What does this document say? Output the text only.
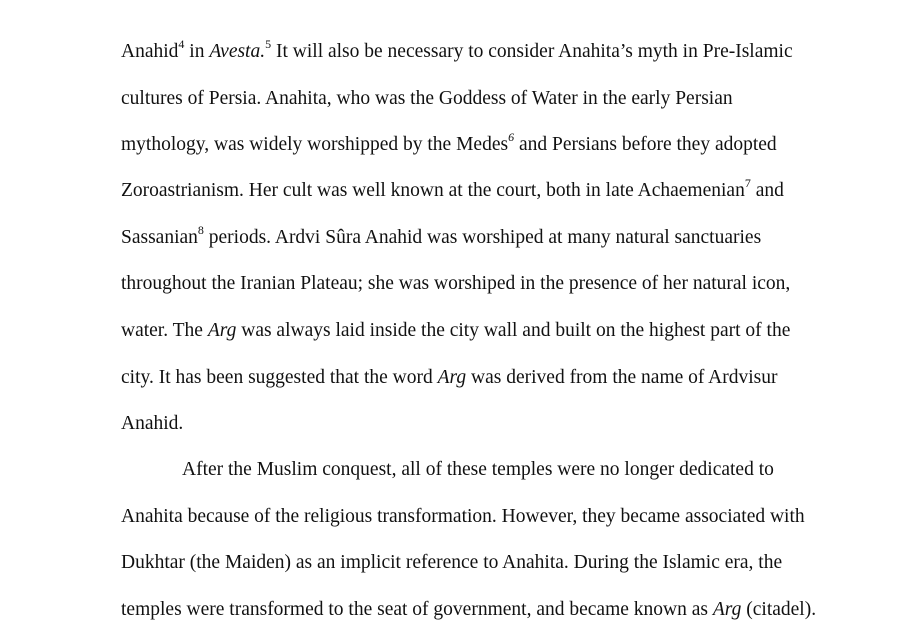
Anahid$^4$ in Avesta.$^5$ It will also be necessary to consider Anahita’s myth in Pre-Islamic
cultures of Persia. Anahita, who was the Goddess of Water in the early Persian
mythology, was widely worshipped by the Medes$^6$ and Persians before they adopted
Zoroastrianism. Her cult was well known at the court, both in late Achaemenian$^7$ and
Sassanian$^8$ periods. Ardvi Sûra Anahid was worshiped at many natural sanctuaries
throughout the Iranian Plateau; she was worshiped in the presence of her natural icon,
water. The Arg was always laid inside the city wall and built on the highest part of the
city. It has been suggested that the word Arg was derived from the name of Ardvisur
Anahid.
After the Muslim conquest, all of these temples were no longer dedicated to
Anahita because of the religious transformation. However, they became associated with
Dukhtar (the Maiden) as an implicit reference to Anahita. During the Islamic era, the
temples were transformed to the seat of government, and became known as Arg (citadel).
